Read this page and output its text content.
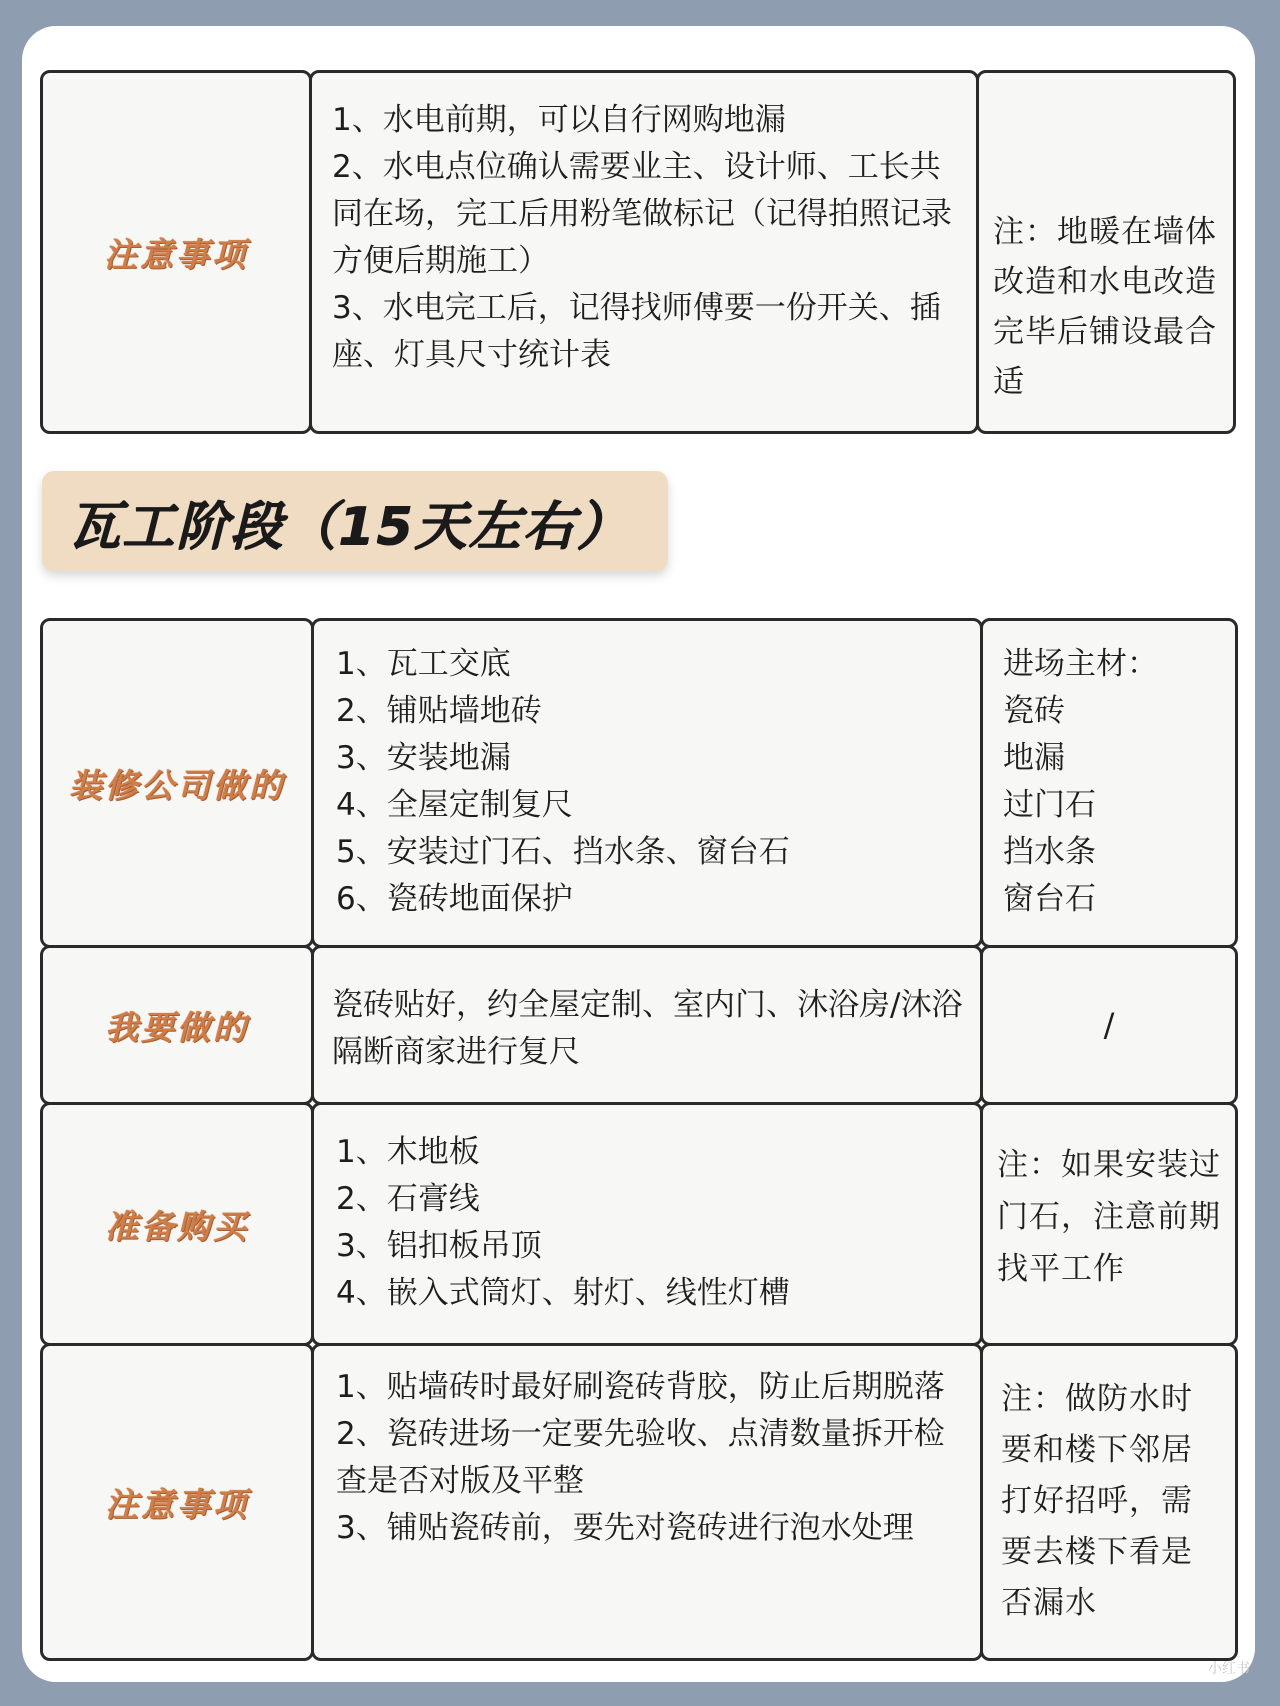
注意事项
1、水电前期，可以自行网购地漏
2、水电点位确认需要业主、设计师、工长共同在场，完工后用粉笔做标记（记得拍照记录方便后期施工）
3、水电完工后，记得找师傅要一份开关、插座、灯具尺寸统计表
注：地暖在墙体改造和水电改造完毕后铺设最合适
瓦工阶段（15天左右）
装修公司做的
1、瓦工交底
2、铺贴墙地砖
3、安装地漏
4、全屋定制复尺
5、安装过门石、挡水条、窗台石
6、瓷砖地面保护
进场主材：
瓷砖
地漏
过门石
挡水条
窗台石
我要做的
瓷砖贴好，约全屋定制、室内门、沐浴房/沐浴隔断商家进行复尺
/
准备购买
1、木地板
2、石膏线
3、铝扣板吊顶
4、嵌入式筒灯、射灯、线性灯槽
注：如果安装过门石，注意前期找平工作
注意事项
1、贴墙砖时最好刷瓷砖背胶，防止后期脱落
2、瓷砖进场一定要先验收、点清数量拆开检查是否对版及平整
3、铺贴瓷砖前，要先对瓷砖进行泡水处理
注：做防水时要和楼下邻居打好招呼，需要去楼下看是否漏水
小红书
